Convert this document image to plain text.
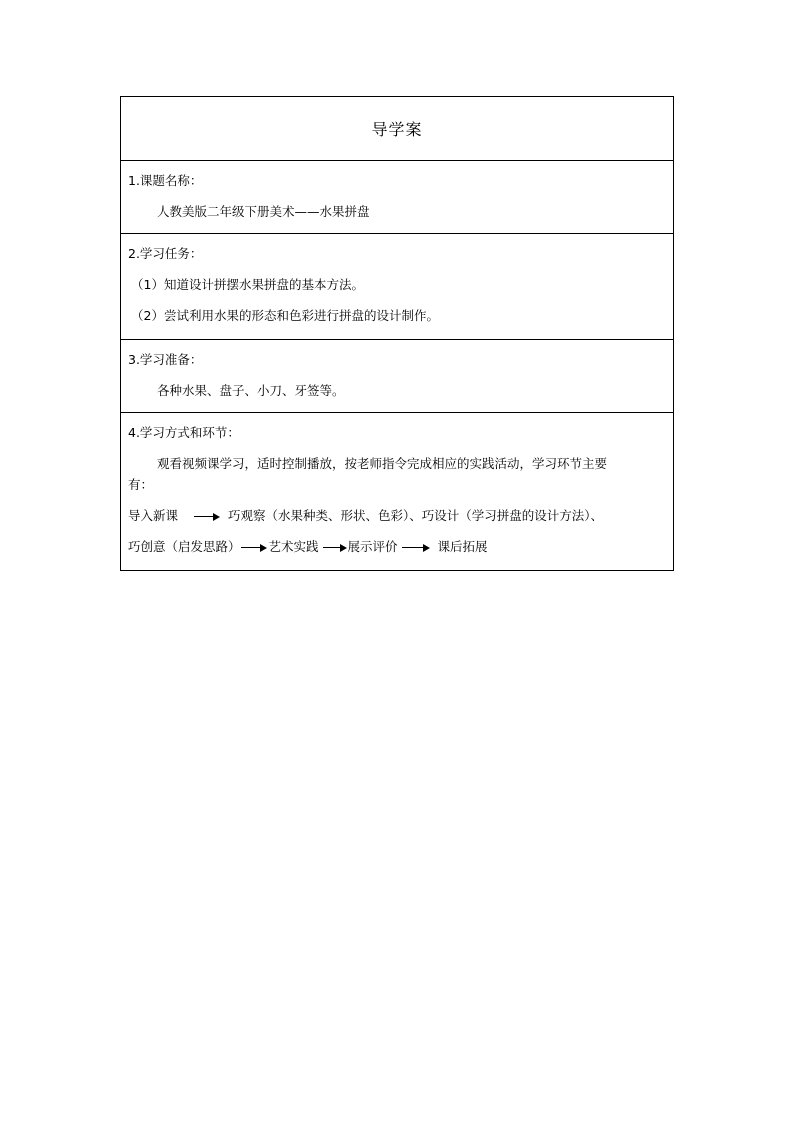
导学案
1.课题名称：
人教美版二年级下册美术——水果拼盘
2.学习任务：
（1）知道设计拼摆水果拼盘的基本方法。
（2）尝试利用水果的形态和色彩进行拼盘的设计制作。
3.学习准备：
各种水果、盘子、小刀、牙签等。
4.学习方式和环节：
观看视频课学习，适时控制播放，按老师指令完成相应的实践活动，学习环节主要
有：
导入新课	巧观察（水果种类、形状、色彩）、巧设计（学习拼盘的设计方法）、
巧创意（启发思路） 艺术实践 展示评价	课后拓展
